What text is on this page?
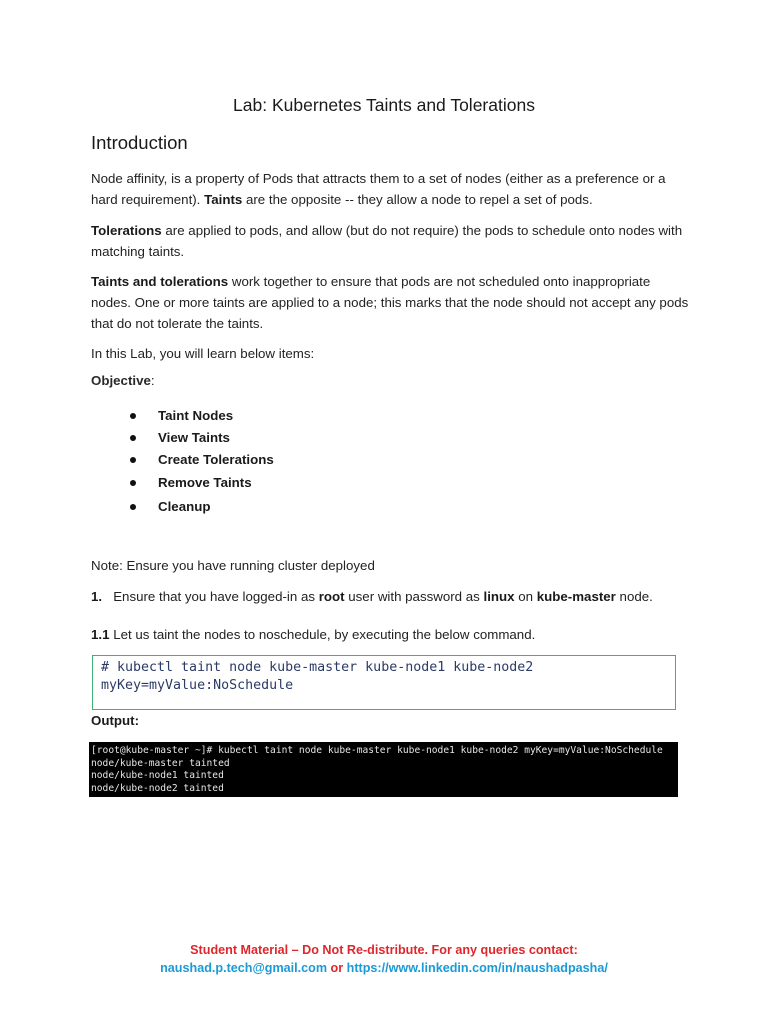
Lab: Kubernetes Taints and Tolerations
Introduction

Node affinity, is a property of Pods that attracts them to a set of nodes (either as a preference or a hard requirement). Taints are the opposite -- they allow a node to repel a set of pods.

Tolerations are applied to pods, and allow (but do not require) the pods to schedule onto nodes with matching taints.

Taints and tolerations work together to ensure that pods are not scheduled onto inappropriate nodes. One or more taints are applied to a node; this marks that the node should not accept any pods that do not tolerate the taints.

In this Lab, you will learn below items:

Objective:
Taint Nodes
View Taints
Create Tolerations
Remove Taints
Cleanup

Note: Ensure you have running cluster deployed

1. Ensure that you have logged-in as root user with password as linux on kube-master node.

1.1 Let us taint the nodes to noschedule, by executing the below command.

# kubectl taint node kube-master kube-node1 kube-node2
myKey=myValue:NoSchedule
Output:
[root@kube-master ~]# kubectl taint node kube-master kube-node1 kube-node2 myKey=myValue:NoSchedule
node/kube-master tainted
node/kube-node1 tainted
node/kube-node2 tainted
Student Material – Do Not Re-distribute. For any queries contact:
naushad.p.tech@gmail.com or https://www.linkedin.com/in/naushadpasha/
